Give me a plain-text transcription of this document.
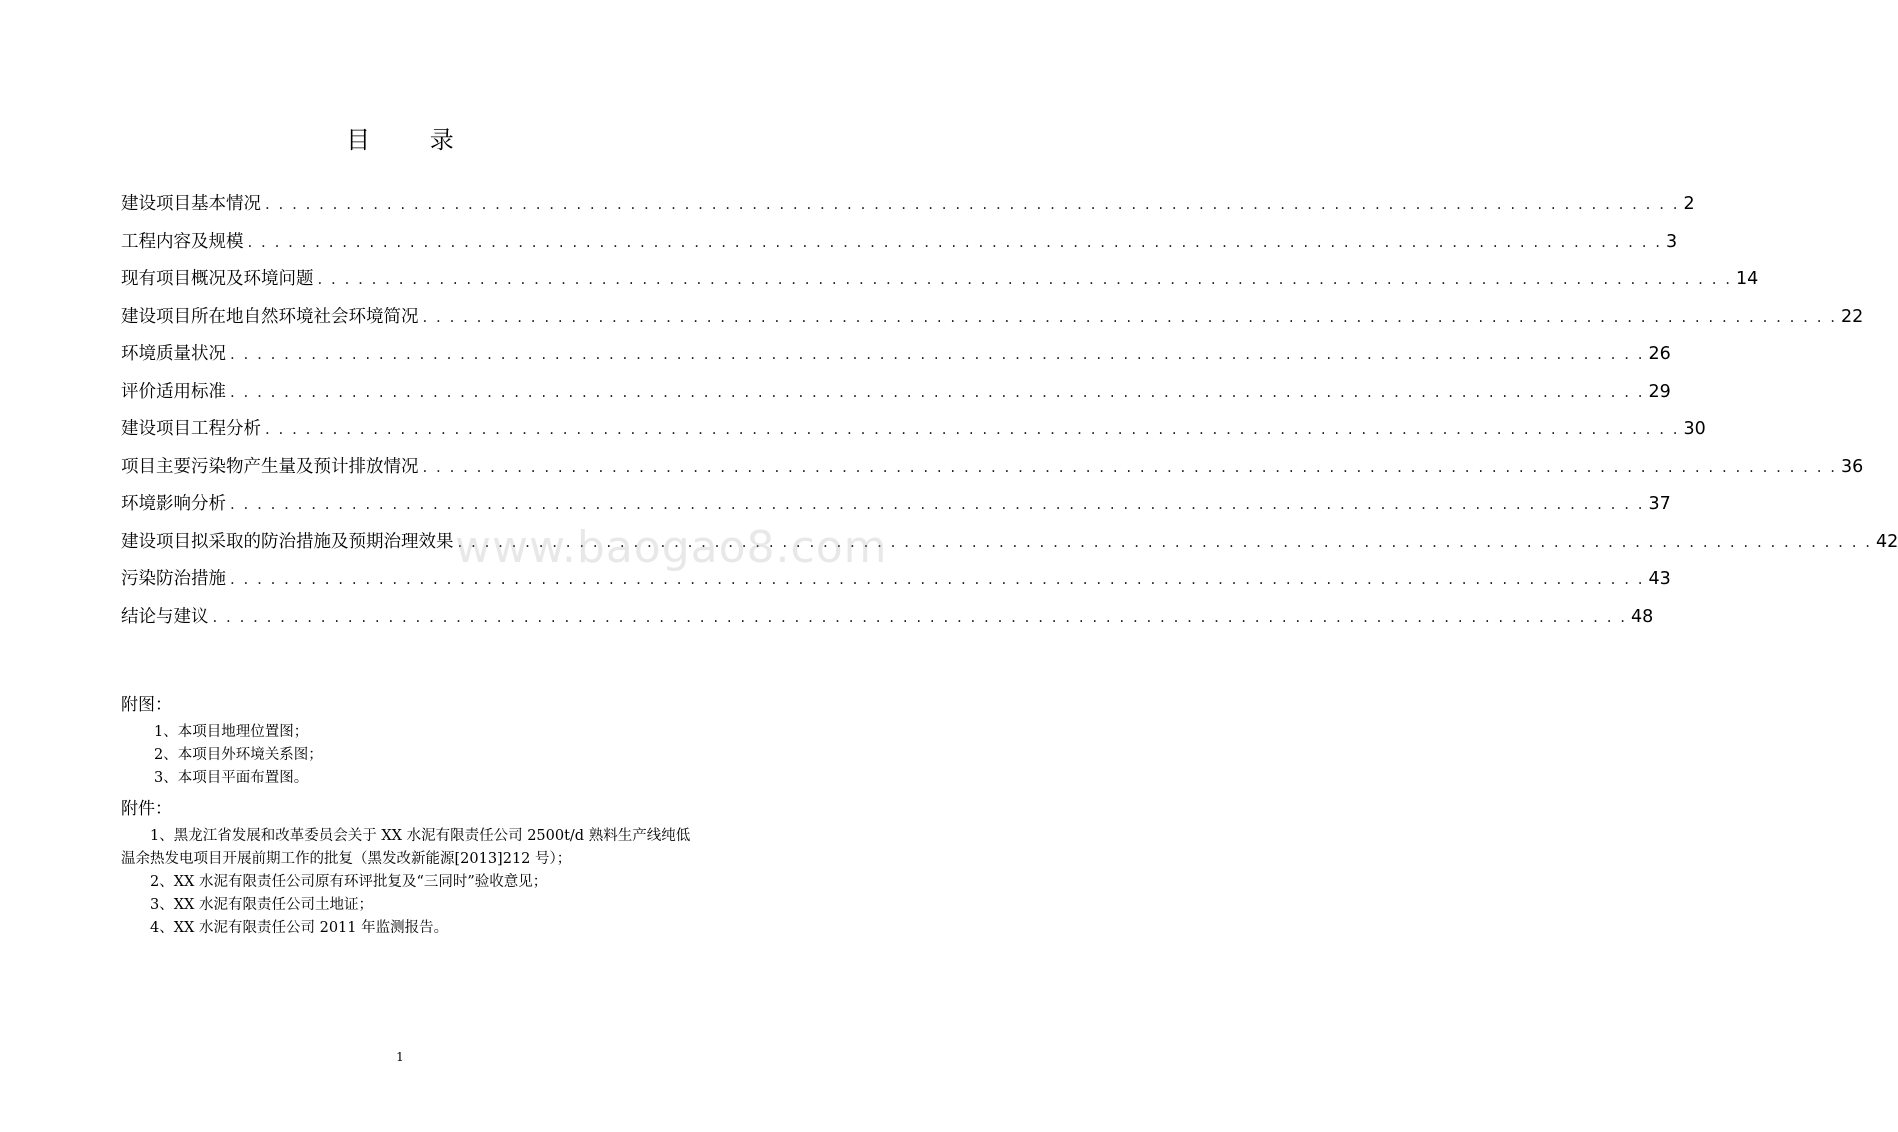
目 录
建设项目基本情况 . . .	2
工程内容及规模 . . .	3
现有项目概况及环境问题 . . .	14
建设项目所在地自然环境社会环境简况 . . .	22
环境质量状况 . . .	26
评价适用标准 . . .	29
建设项目工程分析 . . .	30
项目主要污染物产生量及预计排放情况 . . .	36
环境影响分析 . . .	37
建设项目拟采取的防治措施及预期治理效果 . . .	42
污染防治措施 . . .	43
结论与建议 . . .	48
www.baogao8.com
附图：
1、本项目地理位置图；
2、本项目外环境关系图；
3、本项目平面布置图。
附件：
1、黑龙江省发展和改革委员会关于 XX 水泥有限责任公司 2500t/d 熟料生产线纯低温余热发电项目开展前期工作的批复（黑发改新能源[2013]212 号）；
2、XX 水泥有限责任公司原有环评批复及“三同时”验收意见；
3、XX 水泥有限责任公司土地证；
4、XX 水泥有限责任公司 2011 年监测报告。
1
